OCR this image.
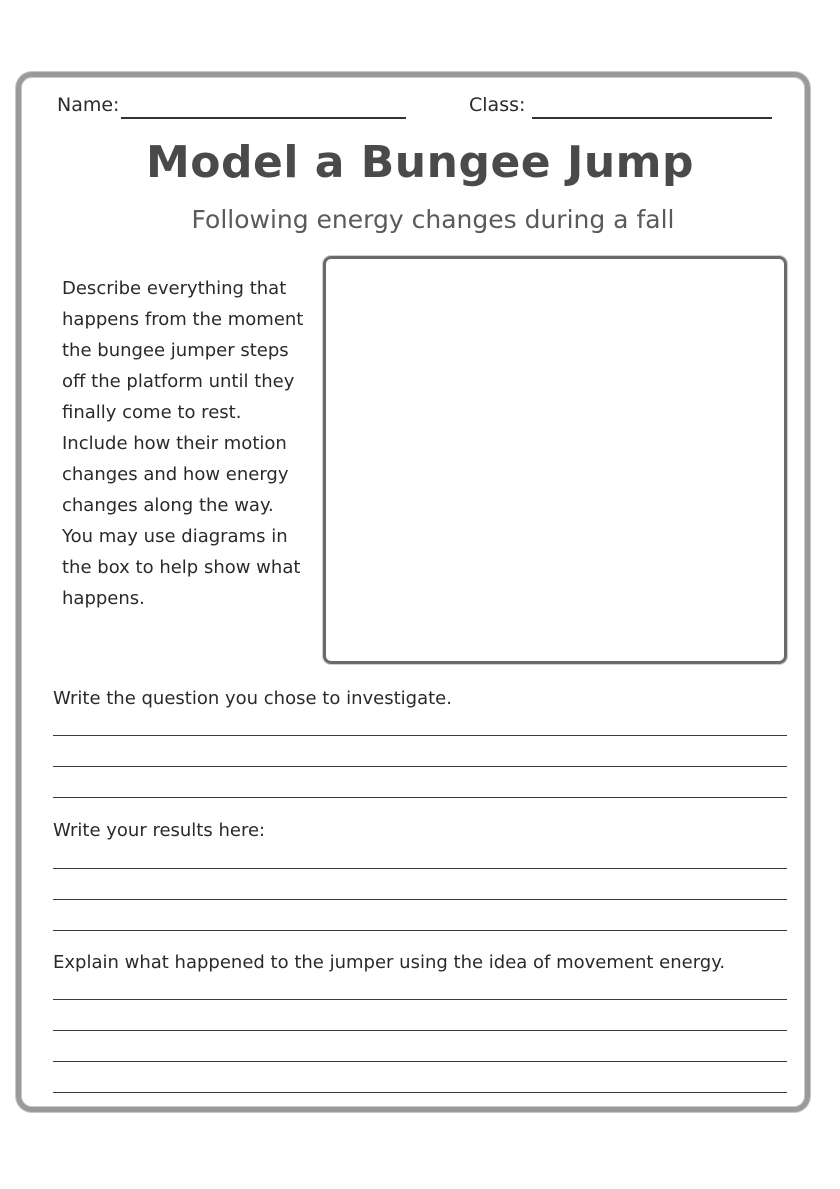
Name:	Class:
Model a Bungee Jump
Following energy changes during a fall
Describe everything that
happens from the moment
the bungee jumper steps
off the platform until they
finally come to rest.
Include how their motion
changes and how energy
changes along the way.
You may use diagrams in
the box to help show what
happens.
Write the question you chose to investigate.
Write your results here:
Explain what happened to the jumper using the idea of movement energy.
